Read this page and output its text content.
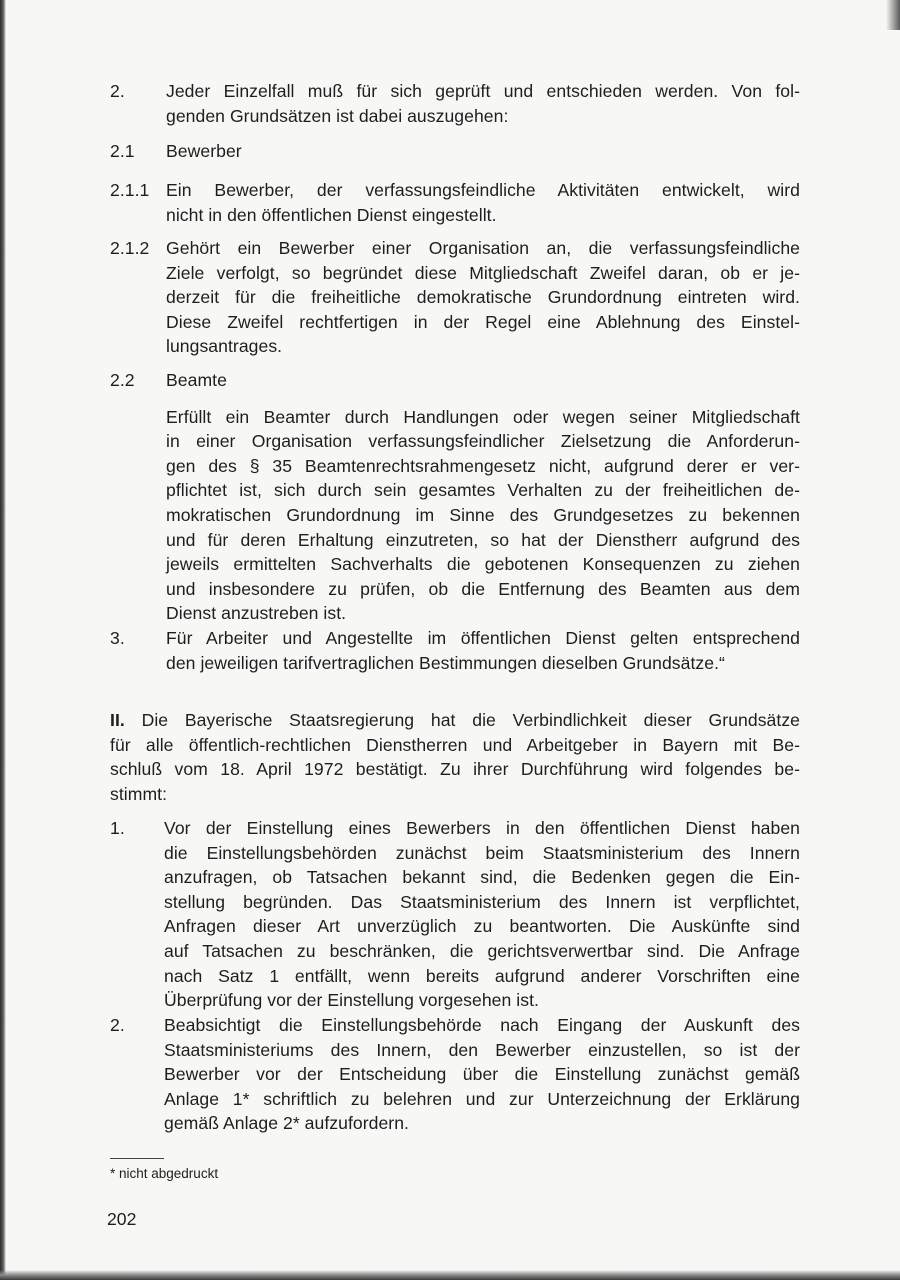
2. Jeder Einzelfall muß für sich geprüft und entschieden werden. Von fol-
genden Grundsätzen ist dabei auszugehen:
2.1 Bewerber
2.1.1 Ein Bewerber, der verfassungsfeindliche Aktivitäten entwickelt, wird
nicht in den öffentlichen Dienst eingestellt.
2.1.2 Gehört ein Bewerber einer Organisation an, die verfassungsfeindliche
Ziele verfolgt, so begründet diese Mitgliedschaft Zweifel daran, ob er je-
derzeit für die freiheitliche demokratische Grundordnung eintreten wird.
Diese Zweifel rechtfertigen in der Regel eine Ablehnung des Einstel-
lungsantrages.
2.2 Beamte
Erfüllt ein Beamter durch Handlungen oder wegen seiner Mitgliedschaft
in einer Organisation verfassungsfeindlicher Zielsetzung die Anforderun-
gen des § 35 Beamtenrechtsrahmengesetz nicht, aufgrund derer er ver-
pflichtet ist, sich durch sein gesamtes Verhalten zu der freiheitlichen de-
mokratischen Grundordnung im Sinne des Grundgesetzes zu bekennen
und für deren Erhaltung einzutreten, so hat der Dienstherr aufgrund des
jeweils ermittelten Sachverhalts die gebotenen Konsequenzen zu ziehen
und insbesondere zu prüfen, ob die Entfernung des Beamten aus dem
Dienst anzustreben ist.
3. Für Arbeiter und Angestellte im öffentlichen Dienst gelten entsprechend
den jeweiligen tarifvertraglichen Bestimmungen dieselben Grundsätze.“
II. Die Bayerische Staatsregierung hat die Verbindlichkeit dieser Grundsätze
für alle öffentlich-rechtlichen Dienstherren und Arbeitgeber in Bayern mit Be-
schluß vom 18. April 1972 bestätigt. Zu ihrer Durchführung wird folgendes be-
stimmt:
1. Vor der Einstellung eines Bewerbers in den öffentlichen Dienst haben
die Einstellungsbehörden zunächst beim Staatsministerium des Innern
anzufragen, ob Tatsachen bekannt sind, die Bedenken gegen die Ein-
stellung begründen. Das Staatsministerium des Innern ist verpflichtet,
Anfragen dieser Art unverzüglich zu beantworten. Die Auskünfte sind
auf Tatsachen zu beschränken, die gerichtsverwertbar sind. Die Anfrage
nach Satz 1 entfällt, wenn bereits aufgrund anderer Vorschriften eine
Überprüfung vor der Einstellung vorgesehen ist.
2. Beabsichtigt die Einstellungsbehörde nach Eingang der Auskunft des
Staatsministeriums des Innern, den Bewerber einzustellen, so ist der
Bewerber vor der Entscheidung über die Einstellung zunächst gemäß
Anlage 1* schriftlich zu belehren und zur Unterzeichnung der Erklärung
gemäß Anlage 2* aufzufordern.
* nicht abgedruckt
202
